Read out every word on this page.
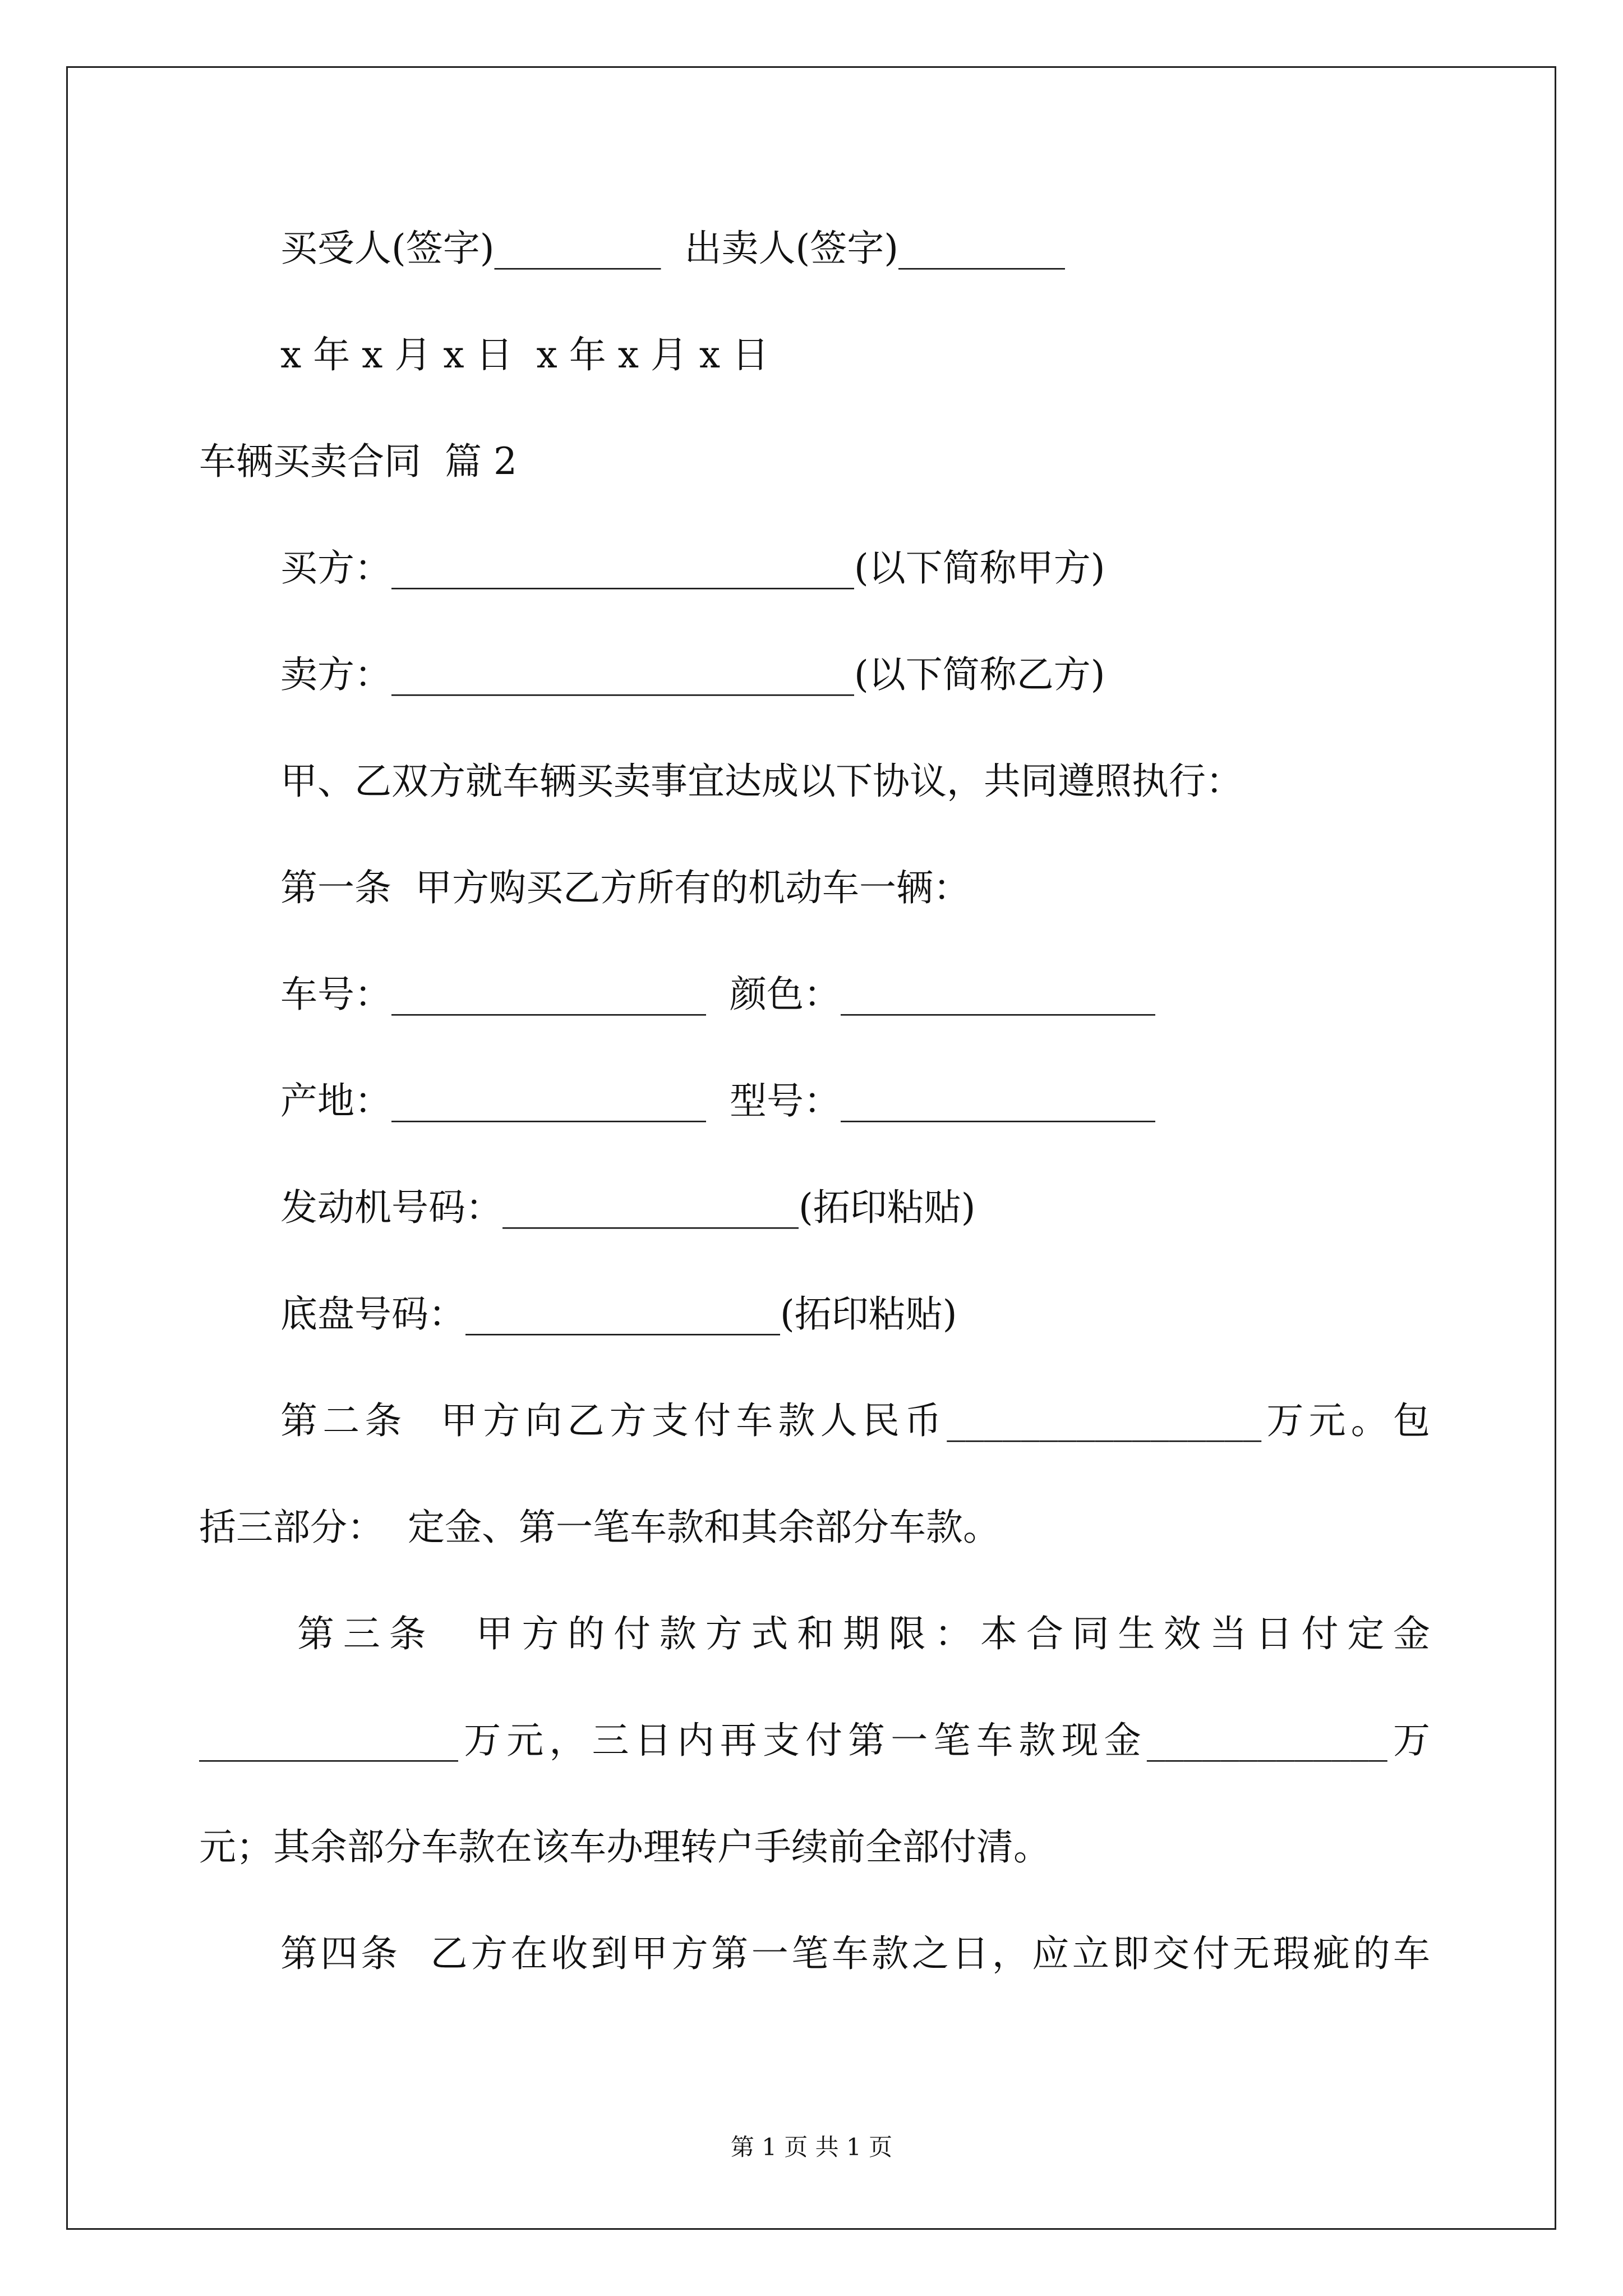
买受人(签字)_________  出卖人(签字)_________
x 年 x 月 x 日  x 年 x 月 x 日
车辆买卖合同  篇 2
买方：_________________________(以下简称甲方)
卖方：_________________________(以下简称乙方)
甲、乙双方就车辆买卖事宜达成以下协议，共同遵照执行：
第一条  甲方购买乙方所有的机动车一辆：
车号：_________________  颜色：_________________
产地：_________________  型号：_________________
发动机号码：________________(拓印粘贴)
底盘号码：_________________(拓印粘贴)
第二条  甲方向乙方支付车款人民币_________________万元。包
括三部分：  定金、第一笔车款和其余部分车款。
第三条  甲方的付款方式和期限：本合同生效当日付定金
______________万元，三日内再支付第一笔车款现金_____________万
元；其余部分车款在该车办理转户手续前全部付清。
第四条  乙方在收到甲方第一笔车款之日，应立即交付无瑕疵的车
第 1 页 共 1 页
